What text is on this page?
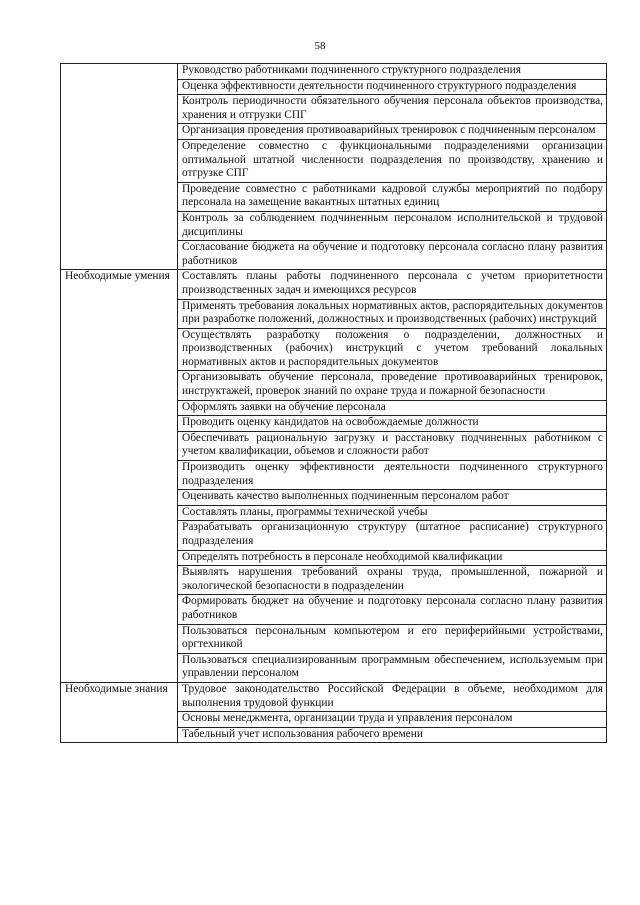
58
	Руководство работниками подчиненного структурного подразделения
	Оценка эффективности деятельности подчиненного структурного подразделения
	Контроль периодичности обязательного обучения персонала объектов производства, хранения и отгрузки СПГ
	Организация проведения противоаварийных тренировок с подчиненным персоналом
	Определение совместно с функциональными подразделениями организации оптимальной штатной численности подразделения по производству, хранению и отгрузке СПГ
	Проведение совместно с работниками кадровой службы мероприятий по подбору персонала на замещение вакантных штатных единиц
	Контроль за соблюдением подчиненным персоналом исполнительской и трудовой дисциплины
	Согласование бюджета на обучение и подготовку персонала согласно плану развития работников
Необходимые умения	Составлять планы работы подчиненного персонала с учетом приоритетности производственных задач и имеющихся ресурсов
	Применять требования локальных нормативных актов, распорядительных документов при разработке положений, должностных и производственных (рабочих) инструкций
	Осуществлять разработку положения о подразделении, должностных и производственных (рабочих) инструкций с учетом требований локальных нормативных актов и распорядительных документов
	Организовывать обучение персонала, проведение противоаварийных тренировок, инструктажей, проверок знаний по охране труда и пожарной безопасности
	Оформлять заявки на обучение персонала
	Проводить оценку кандидатов на освобождаемые должности
	Обеспечивать рациональную загрузку и расстановку подчиненных работником с учетом квалификации, объемов и сложности работ
	Производить оценку эффективности деятельности подчиненного структурного подразделения
	Оценивать качество выполненных подчиненным персоналом работ
	Составлять планы, программы технической учебы
	Разрабатывать организационную структуру (штатное расписание) структурного подразделения
	Определять потребность в персонале необходимой квалификации
	Выявлять нарушения требований охраны труда, промышленной, пожарной и экологической безопасности в подразделении
	Формировать бюджет на обучение и подготовку персонала согласно плану развития работников
	Пользоваться персональным компьютером и его периферийными устройствами, оргтехникой
	Пользоваться специализированным программным обеспечением, используемым при управлении персоналом
Необходимые знания	Трудовое законодательство Российской Федерации в объеме, необходимом для выполнения трудовой функции
	Основы менеджмента, организации труда и управления персоналом
	Табельный учет использования рабочего времени
